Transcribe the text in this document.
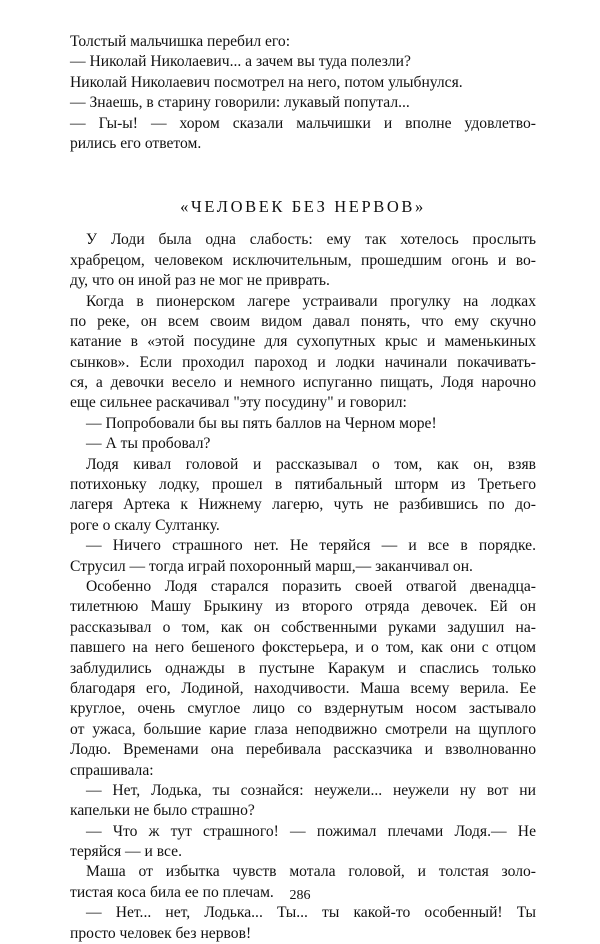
Толстый мальчишка перебил его:
— Николай Николаевич... а зачем вы туда полезли?
Николай Николаевич посмотрел на него, потом улыбнулся.
— Знаешь, в старину говорили: лукавый попутал...
— Гы-ы! — хором сказали мальчишки и вполне удовлетво-
рились его ответом.
«ЧЕЛОВЕК БЕЗ НЕРВОВ»
У Лоди была одна слабость: ему так хотелось прослыть
храбрецом, человеком исключительным, прошедшим огонь и во-
ду, что он иной раз не мог не приврать.
Когда в пионерском лагере устраивали прогулку на лодках
по реке, он всем своим видом давал понять, что ему скучно
катание в «этой посудине для сухопутных крыс и маменькиных
сынков». Если проходил пароход и лодки начинали покачивать-
ся, а девочки весело и немного испуганно пищать, Лодя нарочно
еще сильнее раскачивал "эту посудину" и говорил:
— Попробовали бы вы пять баллов на Черном море!
— А ты пробовал?
Лодя кивал головой и рассказывал о том, как он, взяв
потихоньку лодку, прошел в пятибальный шторм из Третьего
лагеря Артека к Нижнему лагерю, чуть не разбившись по до-
роге о скалу Султанку.
— Ничего страшного нет. Не теряйся — и все в порядке.
Струсил — тогда играй похоронный марш,— заканчивал он.
Особенно Лодя старался поразить своей отвагой двенадца-
тилетнюю Машу Брыкину из второго отряда девочек. Ей он
рассказывал о том, как он собственными руками задушил на-
павшего на него бешеного фокстерьера, и о том, как они с отцом
заблудились однажды в пустыне Каракум и спаслись только
благодаря его, Лодиной, находчивости. Маша всему верила. Ее
круглое, очень смуглое лицо со вздернутым носом застывало
от ужаса, большие карие глаза неподвижно смотрели на щуплого
Лодю. Временами она перебивала рассказчика и взволнованно
спрашивала:
— Нет, Лодька, ты сознайся: неужели... неужели ну вот ни
капельки не было страшно?
— Что ж тут страшного! — пожимал плечами Лодя.— Не
теряйся — и все.
Маша от избытка чувств мотала головой, и толстая золо-
тистая коса била ее по плечам.
— Нет... нет, Лодька... Ты... ты какой-то особенный! Ты
просто человек без нервов!
286
